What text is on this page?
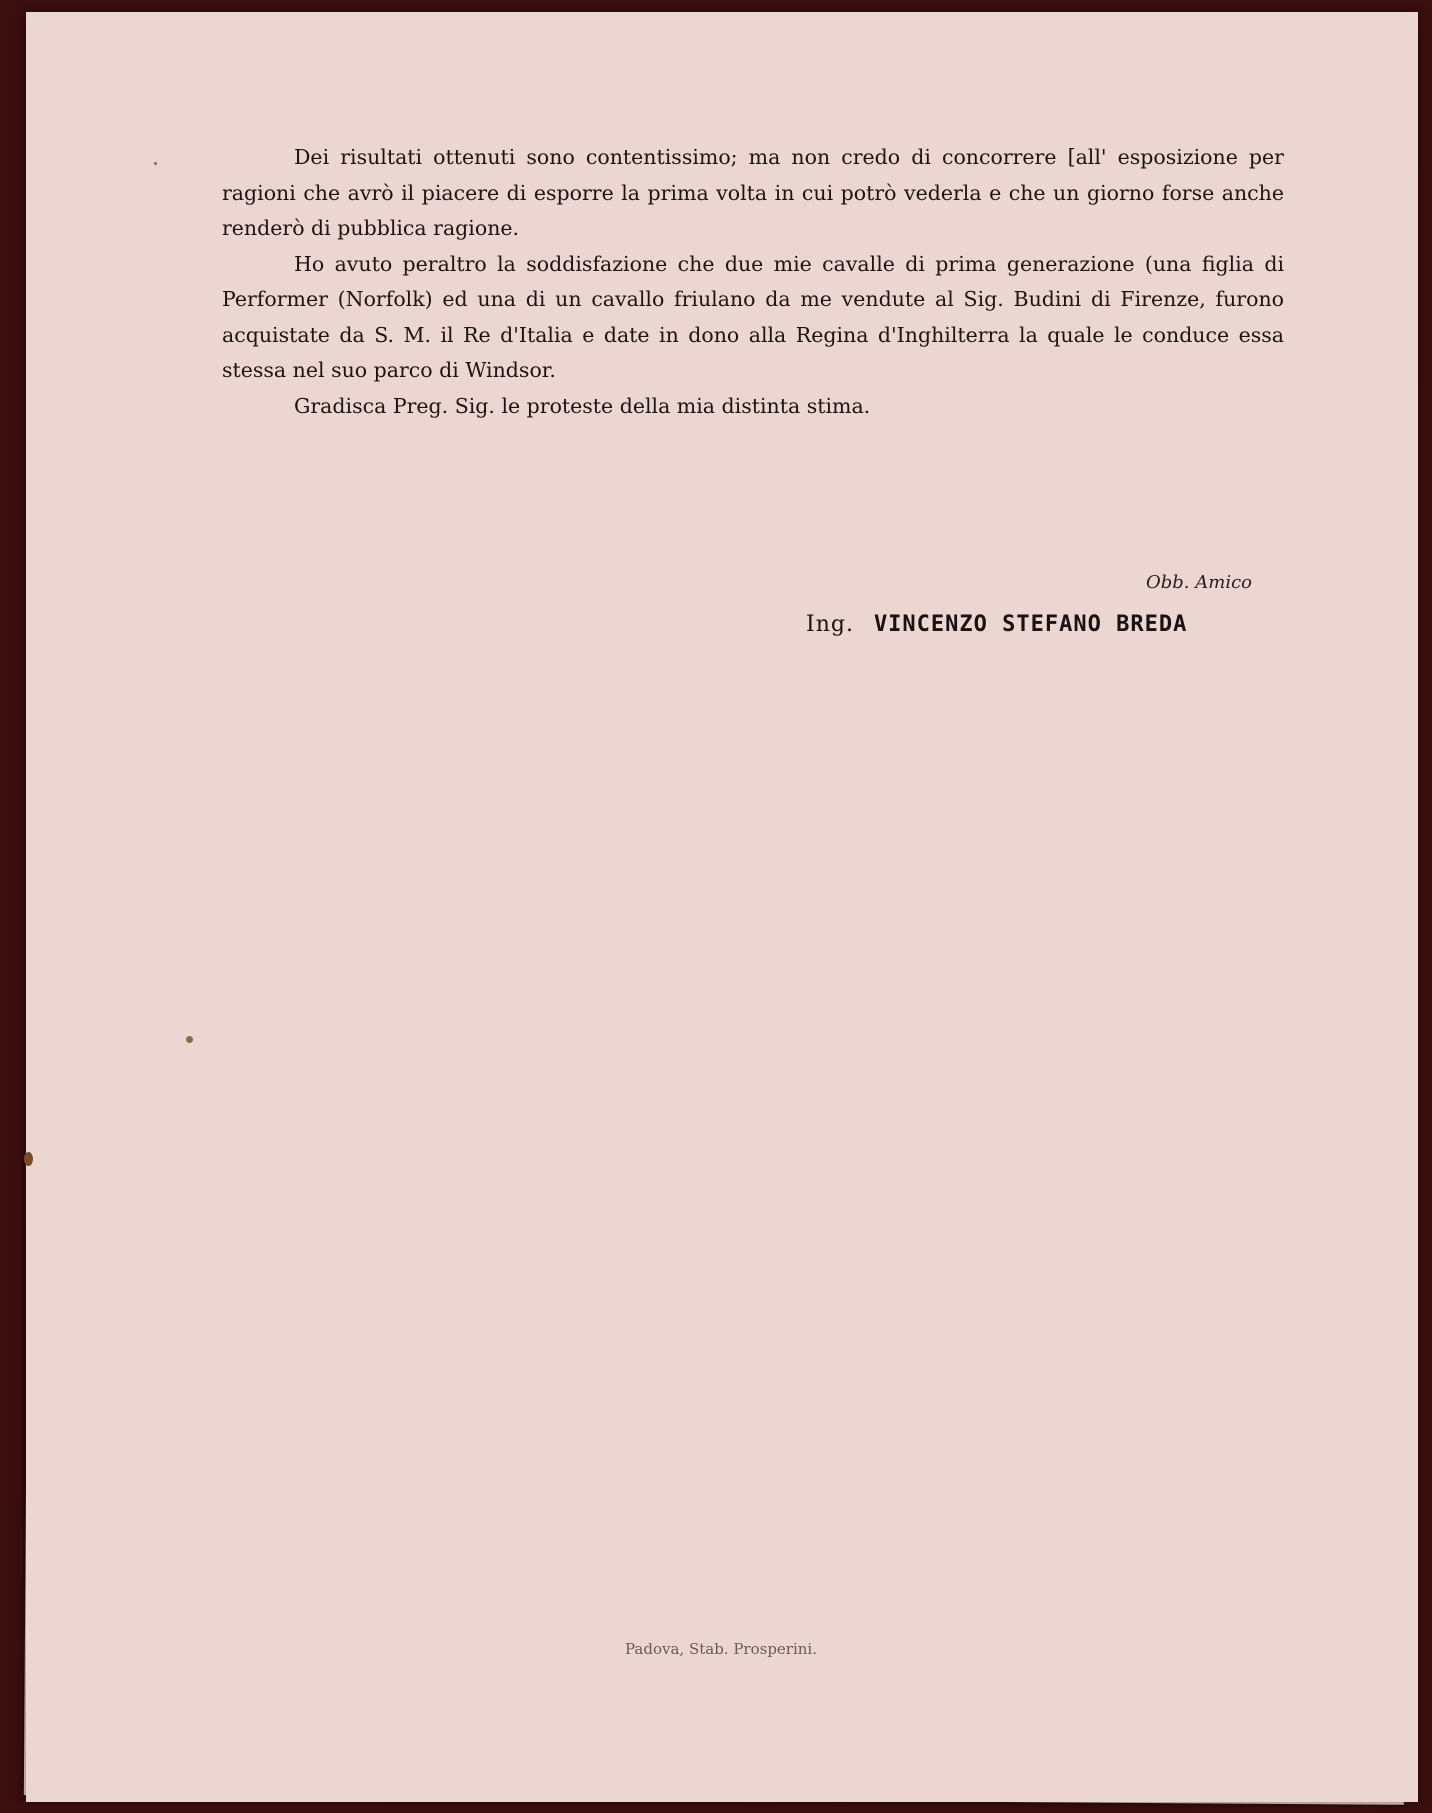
Dei risultati ottenuti sono contentissimo; ma non credo di concorrere [all' esposizione per ragioni che avrò il piacere di esporre la prima volta in cui potrò vederla e che un giorno forse anche renderò di pubblica ragione.

Ho avuto peraltro la soddisfazione che due mie cavalle di prima generazione (una figlia di Performer (Norfolk) ed una di un cavallo friulano da me vendute al Sig. Budini di Firenze, furono acquistate da S. M. il Re d'Italia e date in dono alla Regina d'Inghilterra la quale le conduce essa stessa nel suo parco di Windsor.

Gradisca Preg. Sig. le proteste della mia distinta stima.

Obb. Amico
Ing. VINCENZO STEFANO BREDA
Padova, Stab. Prosperini.
